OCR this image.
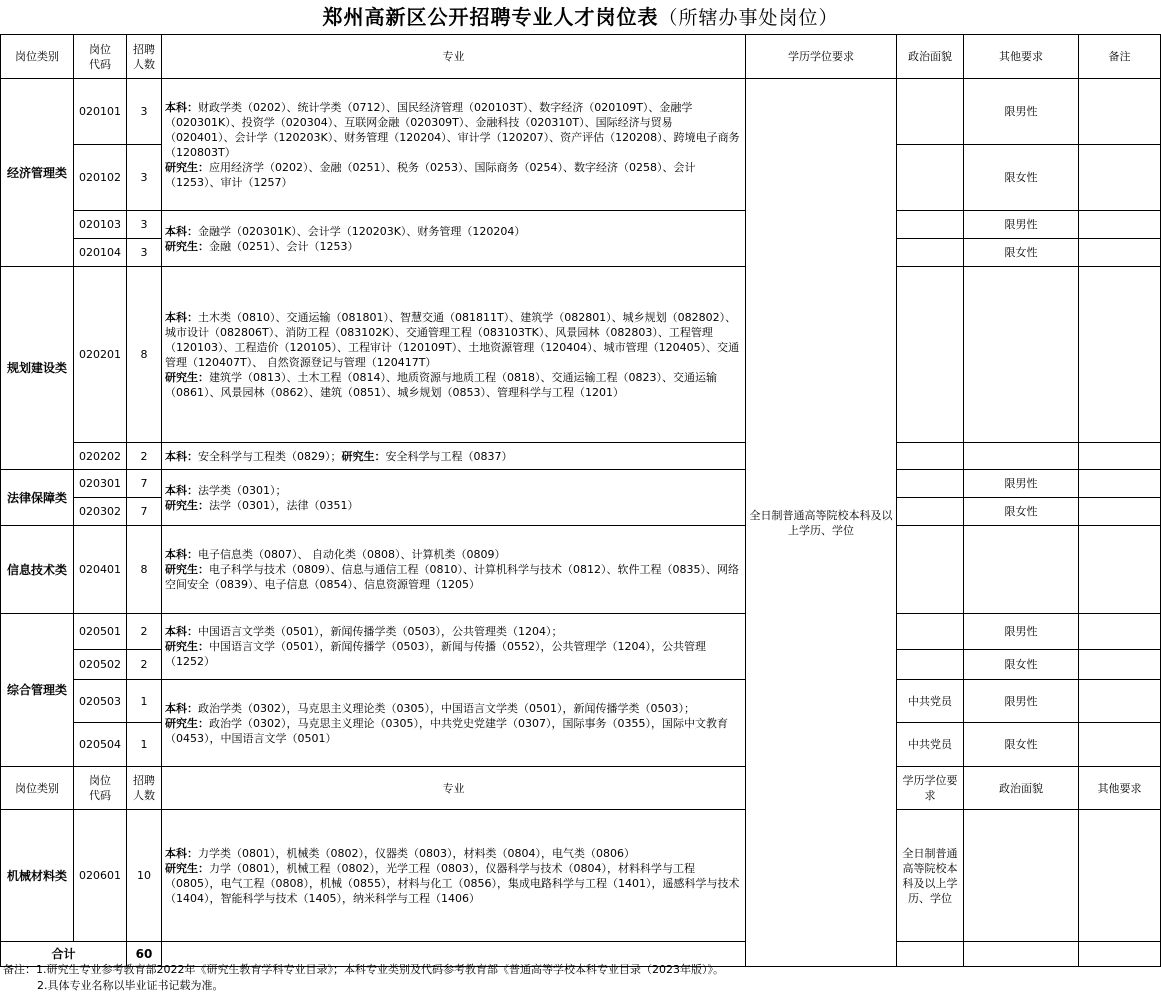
郑州高新区公开招聘专业人才岗位表（所辖办事处岗位）
岗位类别	岗位
代码	招聘
人数	专业	学历学位要求	政治面貌	其他要求	备注	
经济管理类	020101	3	本科：财政学类（0202）、统计学类（0712）、国民经济管理（020103T）、数字经济（020109T）、金融学（020301K）、投资学（020304）、互联网金融（020309T）、金融科技（020310T）、国际经济与贸易（020401）、会计学（120203K）、财务管理（120204）、审计学（120207）、资产评估（120208）、跨境电子商务（120803T）
研究生：应用经济学（0202）、金融（0251）、税务（0253）、国际商务（0254）、数字经济（0258）、会计（1253）、审计（1257）	全日制普通高等院校本科及以上学历、学位		限男性		
	020102	3				限女性		
	020103	3	本科：金融学（020301K）、会计学（120203K）、财务管理（120204）
研究生：金融（0251）、会计（1253）			限男性		
	020104	3				限女性		
规划建设类	020201	8	本科：土木类（0810）、交通运输（081801）、智慧交通（081811T）、建筑学（082801）、城乡规划（082802）、城市设计（082806T）、消防工程（083102K）、交通管理工程（083103TK）、风景园林（082803）、工程管理（120103）、工程造价（120105）、工程审计（120109T）、土地资源管理（120404）、城市管理（120405）、交通管理（120407T）、 自然资源登记与管理（120417T）
研究生：建筑学（0813）、土木工程（0814）、地质资源与地质工程（0818）、交通运输工程（0823）、交通运输（0861）、风景园林（0862）、建筑（0851）、城乡规划（0853）、管理科学与工程（1201）					
	020202	2	本科：安全科学与工程类（0829）；研究生：安全科学与工程（0837）					
法律保障类	020301	7	本科：法学类（0301）；
研究生：法学（0301），法律（0351）			限男性		
	020302	7				限女性		
信息技术类	020401	8	本科：电子信息类（0807）、 自动化类（0808）、计算机类（0809）
研究生：电子科学与技术（0809）、信息与通信工程（0810）、计算机科学与技术（0812）、软件工程（0835）、网络空间安全（0839）、电子信息（0854）、信息资源管理（1205）					
综合管理类	020501	2	本科：中国语言文学类（0501），新闻传播学类（0503），公共管理类（1204）；
研究生：中国语言文学（0501），新闻传播学（0503），新闻与传播（0552），公共管理学（1204），公共管理（1252）			限男性		
	020502	2				限女性		
	020503	1	本科：政治学类（0302），马克思主义理论类（0305），中国语言文学类（0501），新闻传播学类（0503）；
研究生：政治学（0302），马克思主义理论（0305），中共党史党建学（0307），国际事务（0355），国际中文教育（0453），中国语言文学（0501）		中共党员	限男性		
	020504	1			中共党员	限女性		
岗位类别	岗位
代码	招聘
人数	专业		学历学位要求	政治面貌	其他要求	
机械材料类	020601	10	本科：力学类（0801），机械类（0802），仪器类（0803），材料类（0804），电气类（0806）
研究生：力学（0801），机械工程（0802），光学工程（0803），仪器科学与技术（0804），材料科学与工程（0805），电气工程（0808），机械（0855），材料与化工（0856），集成电路科学与工程（1401），遥感科学与技术（1404），智能科学与技术（1405），纳米科学与工程（1406）		全日制普通高等院校本科及以上学历、学位			
合计		60						
备注：1.研究生专业参考教育部2022年《研究生教育学科专业目录》；本科专业类别及代码参考教育部《普通高等学校本科专业目录（2023年版）》。
2.具体专业名称以毕业证书记载为准。
